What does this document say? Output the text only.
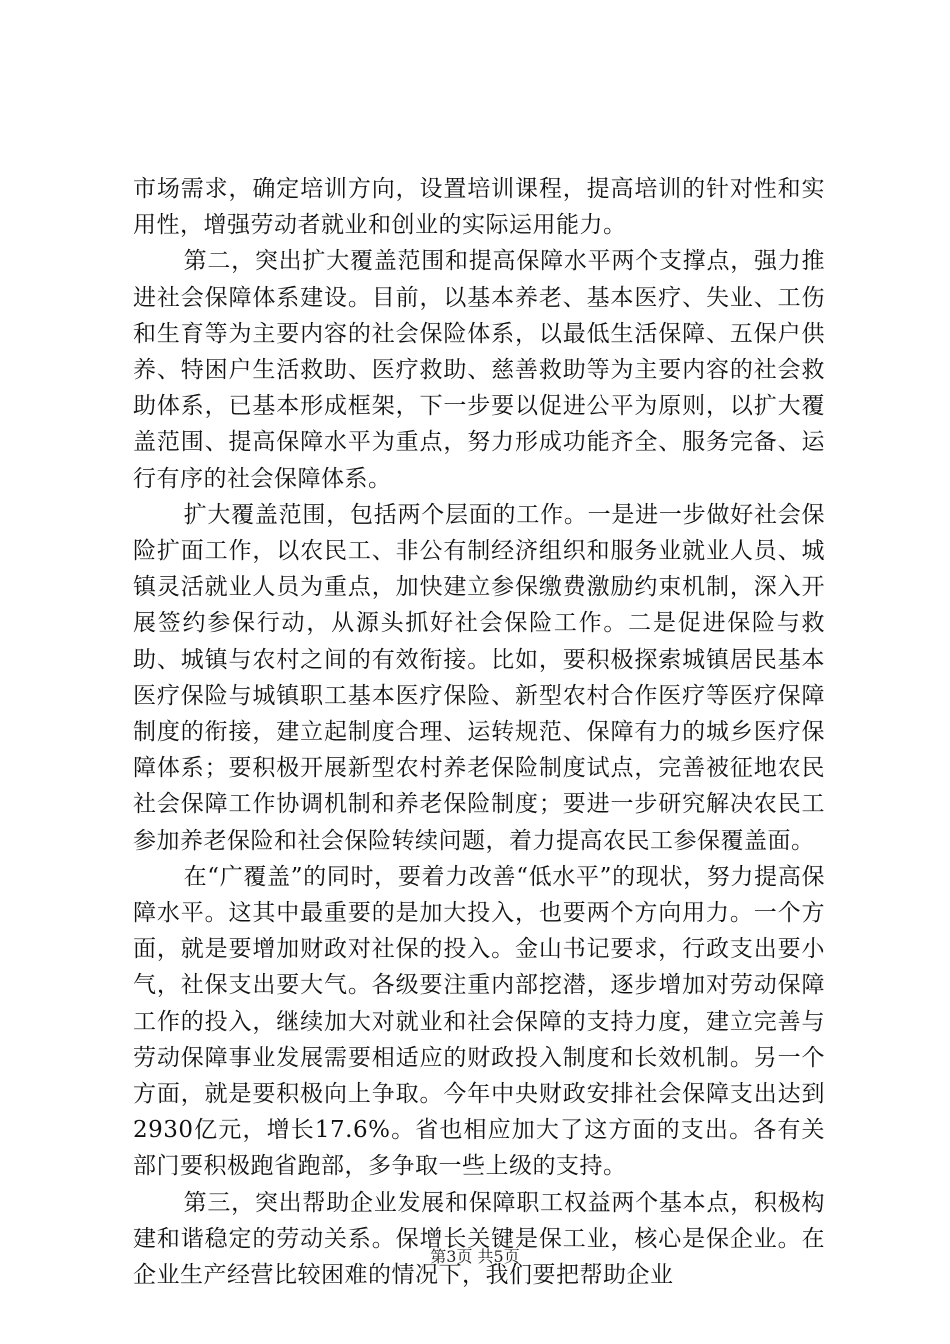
市场需求，确定培训方向，设置培训课程，提高培训的针对性和实用性，增强劳动者就业和创业的实际运用能力。

第二，突出扩大覆盖范围和提高保障水平两个支撑点，强力推进社会保障体系建设。目前，以基本养老、基本医疗、失业、工伤和生育等为主要内容的社会保险体系，以最低生活保障、五保户供养、特困户生活救助、医疗救助、慈善救助等为主要内容的社会救助体系，已基本形成框架，下一步要以促进公平为原则，以扩大覆盖范围、提高保障水平为重点，努力形成功能齐全、服务完备、运行有序的社会保障体系。

扩大覆盖范围，包括两个层面的工作。一是进一步做好社会保险扩面工作，以农民工、非公有制经济组织和服务业就业人员、城镇灵活就业人员为重点，加快建立参保缴费激励约束机制，深入开展签约参保行动，从源头抓好社会保险工作。二是促进保险与救助、城镇与农村之间的有效衔接。比如，要积极探索城镇居民基本医疗保险与城镇职工基本医疗保险、新型农村合作医疗等医疗保障制度的衔接，建立起制度合理、运转规范、保障有力的城乡医疗保障体系；要积极开展新型农村养老保险制度试点，完善被征地农民社会保障工作协调机制和养老保险制度；要进一步研究解决农民工参加养老保险和社会保险转续问题，着力提高农民工参保覆盖面。

在“广覆盖”的同时，要着力改善“低水平”的现状，努力提高保障水平。这其中最重要的是加大投入，也要两个方向用力。一个方面，就是要增加财政对社保的投入。金山书记要求，行政支出要小气，社保支出要大气。各级要注重内部挖潜，逐步增加对劳动保障工作的投入，继续加大对就业和社会保障的支持力度，建立完善与劳动保障事业发展需要相适应的财政投入制度和长效机制。另一个方面，就是要积极向上争取。今年中央财政安排社会保障支出达到2930亿元，增长17.6%。省也相应加大了这方面的支出。各有关部门要积极跑省跑部，多争取一些上级的支持。

第三，突出帮助企业发展和保障职工权益两个基本点，积极构建和谐稳定的劳动关系。保增长关键是保工业，核心是保企业。在企业生产经营比较困难的情况下，我们要把帮助企业

第3页 共5页
